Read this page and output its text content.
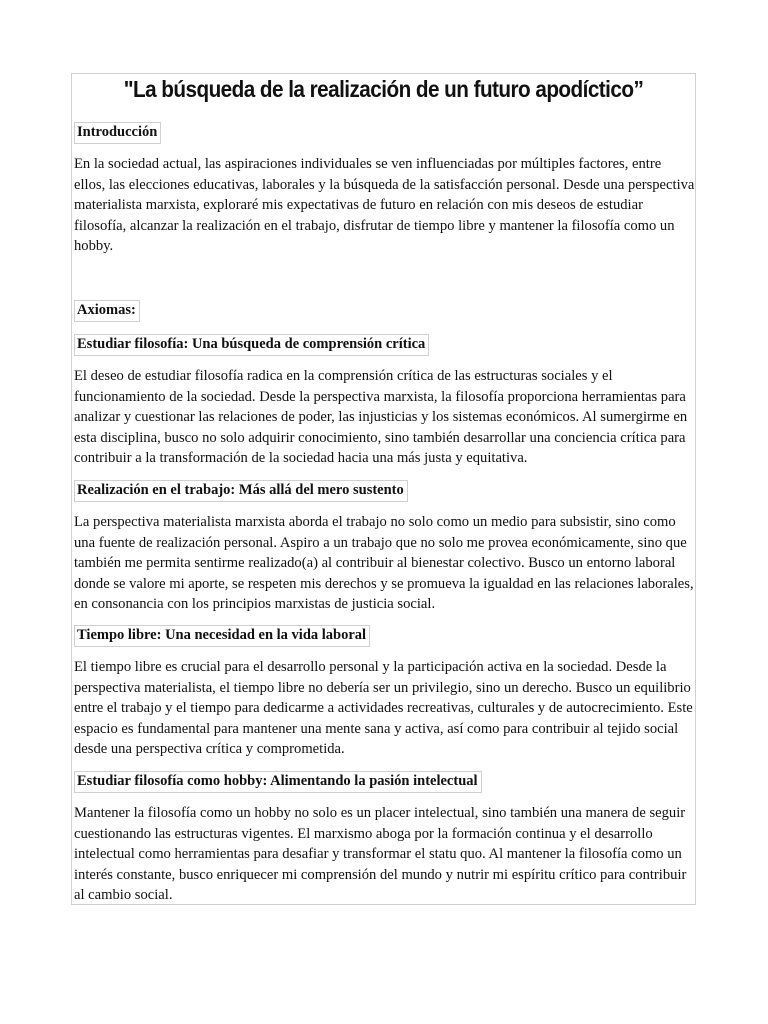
"La búsqueda de la realización de un futuro apodíctico”
Introducción

En la sociedad actual, las aspiraciones individuales se ven influenciadas por múltiples factores, entre ellos, las elecciones educativas, laborales y la búsqueda de la satisfacción personal. Desde una perspectiva materialista marxista, exploraré mis expectativas de futuro en relación con mis deseos de estudiar filosofía, alcanzar la realización en el trabajo, disfrutar de tiempo libre y mantener la filosofía como un hobby.

Axiomas:
Estudiar filosofía: Una búsqueda de comprensión crítica

El deseo de estudiar filosofía radica en la comprensión crítica de las estructuras sociales y el funcionamiento de la sociedad. Desde la perspectiva marxista, la filosofía proporciona herramientas para analizar y cuestionar las relaciones de poder, las injusticias y los sistemas económicos. Al sumergirme en esta disciplina, busco no solo adquirir conocimiento, sino también desarrollar una conciencia crítica para contribuir a la transformación de la sociedad hacia una más justa y equitativa.

Realización en el trabajo: Más allá del mero sustento

La perspectiva materialista marxista aborda el trabajo no solo como un medio para subsistir, sino como una fuente de realización personal. Aspiro a un trabajo que no solo me provea económicamente, sino que también me permita sentirme realizado(a) al contribuir al bienestar colectivo. Busco un entorno laboral donde se valore mi aporte, se respeten mis derechos y se promueva la igualdad en las relaciones laborales, en consonancia con los principios marxistas de justicia social.

Tiempo libre: Una necesidad en la vida laboral

El tiempo libre es crucial para el desarrollo personal y la participación activa en la sociedad. Desde la perspectiva materialista, el tiempo libre no debería ser un privilegio, sino un derecho. Busco un equilibrio entre el trabajo y el tiempo para dedicarme a actividades recreativas, culturales y de autocrecimiento. Este espacio es fundamental para mantener una mente sana y activa, así como para contribuir al tejido social desde una perspectiva crítica y comprometida.

Estudiar filosofía como hobby: Alimentando la pasión intelectual

Mantener la filosofía como un hobby no solo es un placer intelectual, sino también una manera de seguir cuestionando las estructuras vigentes. El marxismo aboga por la formación continua y el desarrollo intelectual como herramientas para desafiar y transformar el statu quo. Al mantener la filosofía como un interés constante, busco enriquecer mi comprensión del mundo y nutrir mi espíritu crítico para contribuir al cambio social.
